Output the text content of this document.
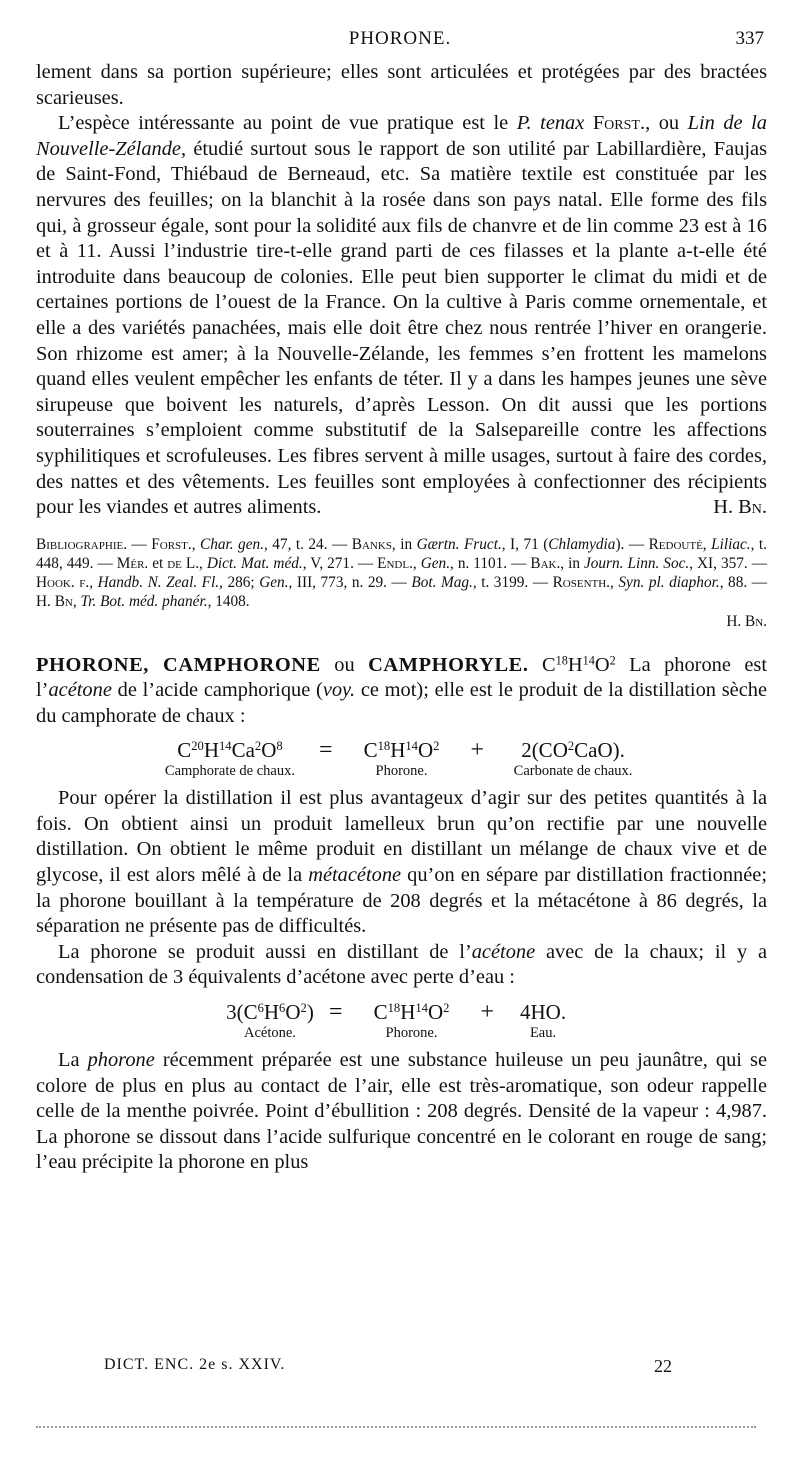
PHORONE.	337

lement dans sa portion supérieure; elles sont articulées et protégées par des bractées scarieuses.

L’espèce intéressante au point de vue pratique est le P. tenax Forst., ou Lin de la Nouvelle-Zélande, étudié surtout sous le rapport de son utilité par Labillardière, Faujas de Saint-Fond, Thiébaud de Berneaud, etc. Sa matière textile est constituée par les nervures des feuilles; on la blanchit à la rosée dans son pays natal. Elle forme des fils qui, à grosseur égale, sont pour la solidité aux fils de chanvre et de lin comme 23 est à 16 et à 11. Aussi l’industrie tire-t-elle grand parti de ces filasses et la plante a-t-elle été introduite dans beaucoup de colonies. Elle peut bien supporter le climat du midi et de certaines portions de l’ouest de la France. On la cultive à Paris comme ornementale, et elle a des variétés panachées, mais elle doit être chez nous rentrée l’hiver en orangerie. Son rhizome est amer; à la Nouvelle-Zélande, les femmes s’en frottent les mamelons quand elles veulent empêcher les enfants de téter. Il y a dans les hampes jeunes une sève sirupeuse que boivent les naturels, d’après Lesson. On dit aussi que les portions souterraines s’emploient comme substitutif de la Salsepareille contre les affections syphilitiques et scrofuleuses. Les fibres servent à mille usages, surtout à faire des cordes, des nattes et des vêtements. Les feuilles sont employées à confectionner des récipients pour les viandes et autres aliments.	H. Bn.

Bibliographie. — Forst., Char. gen., 47, t. 24. — Banks, in Gærtn. Fruct., I, 71 (Chlamydia). — Redouté, Liliac., t. 448, 449. — Mér. et de L., Dict. Mat. méd., V, 271. — Endl., Gen., n. 1101. — Bak., in Journ. Linn. Soc., XI, 357. — Hook. f., Handb. N. Zeal. Fl., 286; Gen., III, 773, n. 29. — Bot. Mag., t. 3199. — Rosenth., Syn. pl. diaphor., 88. — H. Bn, Tr. Bot. méd. phanér., 1408.

H. Bn.

PHORONE, CAMPHORONE ou CAMPHORYLE. $C^{18}H^{14}O^2$ La phorone est l’acétone de l’acide camphorique (voy. ce mot); elle est le produit de la distillation sèche du camphorate de chaux :

$C^{20}H^{14}Ca^2O^8$
Camphorate de chaux.
=	$C^{18}H^{14}O^2$
Phorone.
+	$2(CO^2CaO)$.
Carbonate de chaux.

Pour opérer la distillation il est plus avantageux d’agir sur des petites quantités à la fois. On obtient ainsi un produit lamelleux brun qu’on rectifie par une nouvelle distillation. On obtient le même produit en distillant un mélange de chaux vive et de glycose, il est alors mêlé à de la métacétone qu’on en sépare par distillation fractionnée; la phorone bouillant à la température de 208 degrés et la métacétone à 86 degrés, la séparation ne présente pas de difficultés.

La phorone se produit aussi en distillant de l’acétone avec de la chaux; il y a condensation de 3 équivalents d’acétone avec perte d’eau :

$3(C^6H^6O^2)$
Acétone.
=	$C^{18}H^{14}O^2$
Phorone.
+	4HO.
Eau.

La phorone récemment préparée est une substance huileuse un peu jaunâtre, qui se colore de plus en plus au contact de l’air, elle est très-aromatique, son odeur rappelle celle de la menthe poivrée. Point d’ébullition : 208 degrés. Densité de la vapeur : 4,987. La phorone se dissout dans l’acide sulfurique concentré en le colorant en rouge de sang; l’eau précipite la phorone en plus

DICT. ENC. 2e s. XXIV.	22
